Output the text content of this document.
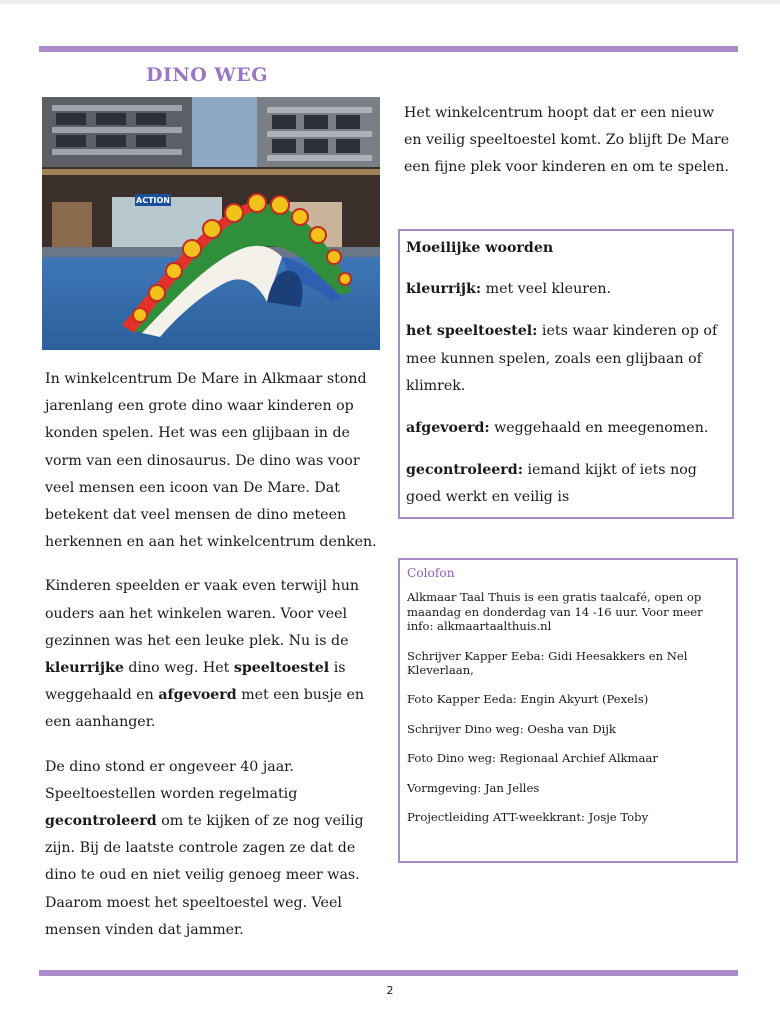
DINO WEG
ACTION

In winkelcentrum De Mare in Alkmaar stond jarenlang een grote dino waar kinderen op konden spelen. Het was een glijbaan in de vorm van een dinosaurus. De dino was voor veel mensen een icoon van De Mare. Dat betekent dat veel mensen de dino meteen herkennen en aan het winkelcentrum denken.

Kinderen speelden er vaak even terwijl hun ouders aan het winkelen waren. Voor veel gezinnen was het een leuke plek. Nu is de kleurrijke dino weg. Het speeltoestel is weggehaald en afgevoerd met een busje en een aanhanger.

De dino stond er ongeveer 40 jaar. Speeltoestellen worden regelmatig gecontroleerd om te kijken of ze nog veilig zijn. Bij de laatste controle zagen ze dat de dino te oud en niet veilig genoeg meer was. Daarom moest het speeltoestel weg. Veel mensen vinden dat jammer.

Het winkelcentrum hoopt dat er een nieuw en veilig speeltoestel komt. Zo blijft De Mare een fijne plek voor kinderen en om te spelen.

Moeilijke woorden

kleurrijk: met veel kleuren.

het speeltoestel: iets waar kinderen op of mee kunnen spelen, zoals een glijbaan of klimrek.

afgevoerd: weggehaald en meegenomen.

gecontroleerd: iemand kijkt of iets nog goed werkt en veilig is

Colofon

Alkmaar Taal Thuis is een gratis taalcafé, open op maandag en donderdag van 14 -16 uur. Voor meer info: alkmaartaalthuis.nl

Schrijver Kapper Eeba: Gidi Heesakkers en Nel Kleverlaan,

Foto Kapper Eeda: Engin Akyurt (Pexels)

Schrijver Dino weg: Oesha van Dijk

Foto Dino weg: Regionaal Archief Alkmaar

Vormgeving: Jan Jelles

Projectleiding ATT-weekkrant: Josje Toby

2
